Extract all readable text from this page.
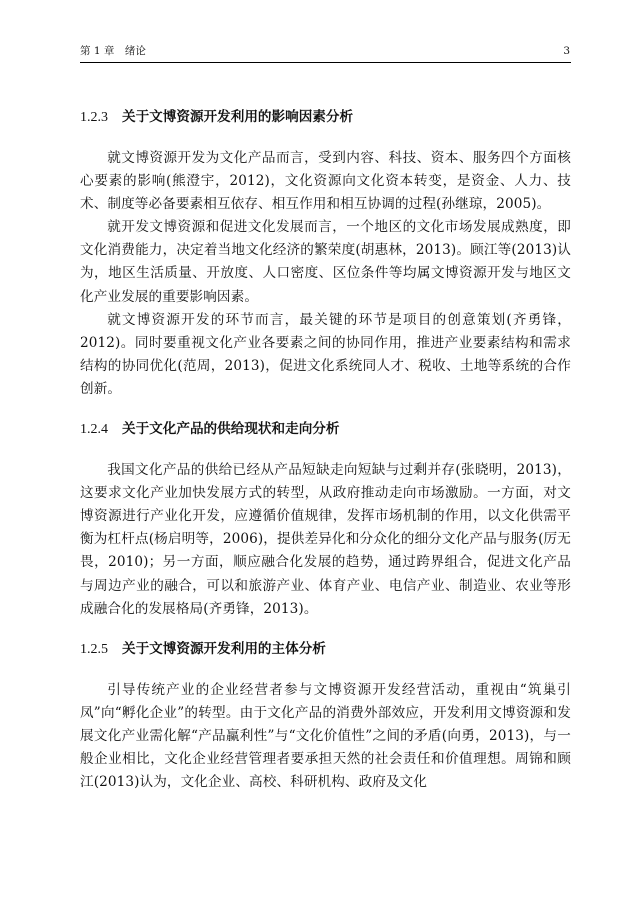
第 1 章　绪论	3
1.2.3 关于文博资源开发利用的影响因素分析

就文博资源开发为文化产品而言，受到内容、科技、资本、服务四个方面核心要素的影响(熊澄宇，2012)，文化资源向文化资本转变，是资金、人力、技术、制度等必备要素相互依存、相互作用和相互协调的过程(孙继琼，2005)。

就开发文博资源和促进文化发展而言，一个地区的文化市场发展成熟度，即文化消费能力，决定着当地文化经济的繁荣度(胡惠林，2013)。顾江等(2013)认为，地区生活质量、开放度、人口密度、区位条件等均属文博资源开发与地区文化产业发展的重要影响因素。

就文博资源开发的环节而言，最关键的环节是项目的创意策划(齐勇锋，2012)。同时要重视文化产业各要素之间的协同作用，推进产业要素结构和需求结构的协同优化(范周，2013)，促进文化系统同人才、税收、土地等系统的合作创新。

1.2.4 关于文化产品的供给现状和走向分析

我国文化产品的供给已经从产品短缺走向短缺与过剩并存(张晓明，2013)，这要求文化产业加快发展方式的转型，从政府推动走向市场激励。一方面，对文博资源进行产业化开发，应遵循价值规律，发挥市场机制的作用，以文化供需平衡为杠杆点(杨启明等，2006)，提供差异化和分众化的细分文化产品与服务(厉无畏，2010)；另一方面，顺应融合化发展的趋势，通过跨界组合，促进文化产品与周边产业的融合，可以和旅游产业、体育产业、电信产业、制造业、农业等形成融合化的发展格局(齐勇锋，2013)。

1.2.5 关于文博资源开发利用的主体分析

引导传统产业的企业经营者参与文博资源开发经营活动，重视由“筑巢引凤”向“孵化企业”的转型。由于文化产品的消费外部效应，开发利用文博资源和发展文化产业需化解“产品赢利性”与“文化价值性”之间的矛盾(向勇，2013)，与一般企业相比，文化企业经营管理者要承担天然的社会责任和价值理想。周锦和顾江(2013)认为，文化企业、高校、科研机构、政府及文化
